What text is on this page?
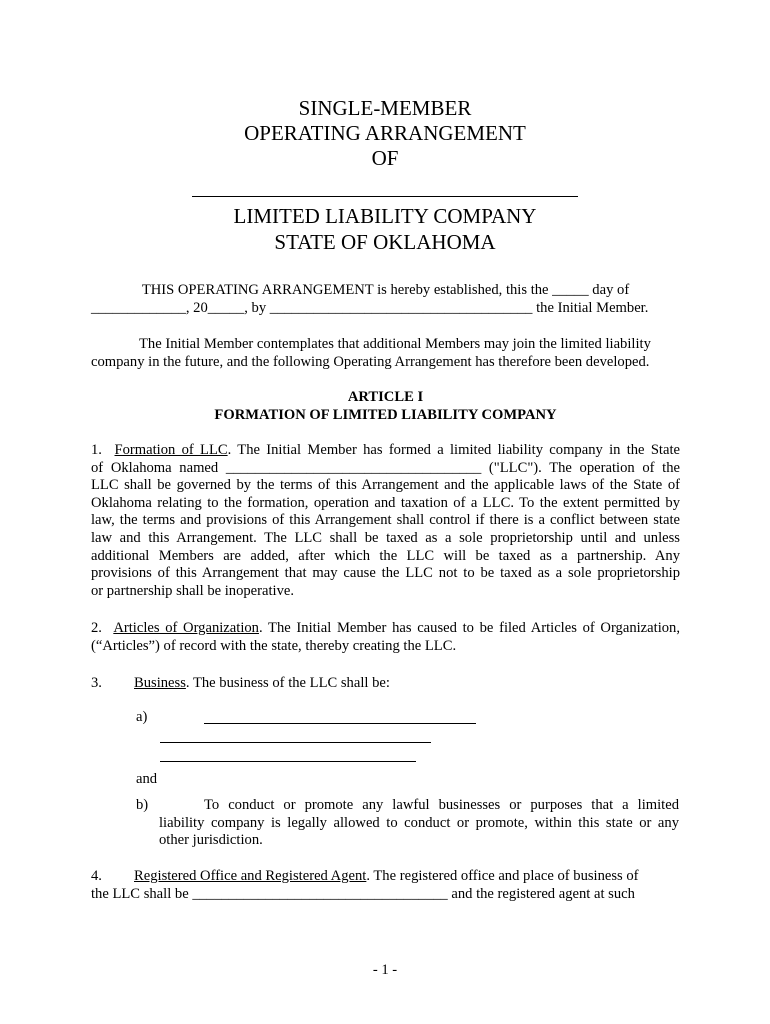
SINGLE-MEMBER
OPERATING ARRANGEMENT
OF
LIMITED LIABILITY COMPANY
STATE OF OKLAHOMA
THIS OPERATING ARRANGEMENT is hereby established, this the _____ day of
_____________, 20_____, by ____________________________________ the Initial Member.
The Initial Member contemplates that additional Members may join the limited liability
company in the future, and the following Operating Arrangement has therefore been developed.
ARTICLE I
FORMATION OF LIMITED LIABILITY COMPANY
1. Formation of LLC. The Initial Member has formed a limited liability company in the State
of Oklahoma named ___________________________________ ("LLC"). The operation of the
LLC shall be governed by the terms of this Arrangement and the applicable laws of the State of
Oklahoma relating to the formation, operation and taxation of a LLC. To the extent permitted by
law, the terms and provisions of this Arrangement shall control if there is a conflict between state
law and this Arrangement. The LLC shall be taxed as a sole proprietorship until and unless
additional Members are added, after which the LLC will be taxed as a partnership. Any
provisions of this Arrangement that may cause the LLC not to be taxed as a sole proprietorship
or partnership shall be inoperative.
2. Articles of Organization. The Initial Member has caused to be filed Articles of Organization,
(“Articles”) of record with the state, thereby creating the LLC.
3. Business. The business of the LLC shall be:
a)
and
b)	To conduct or promote any lawful businesses or purposes that a limited
liability company is legally allowed to conduct or promote, within this state or any
other jurisdiction.
4. Registered Office and Registered Agent. The registered office and place of business of
the LLC shall be ___________________________________ and the registered agent at such
- 1 -
